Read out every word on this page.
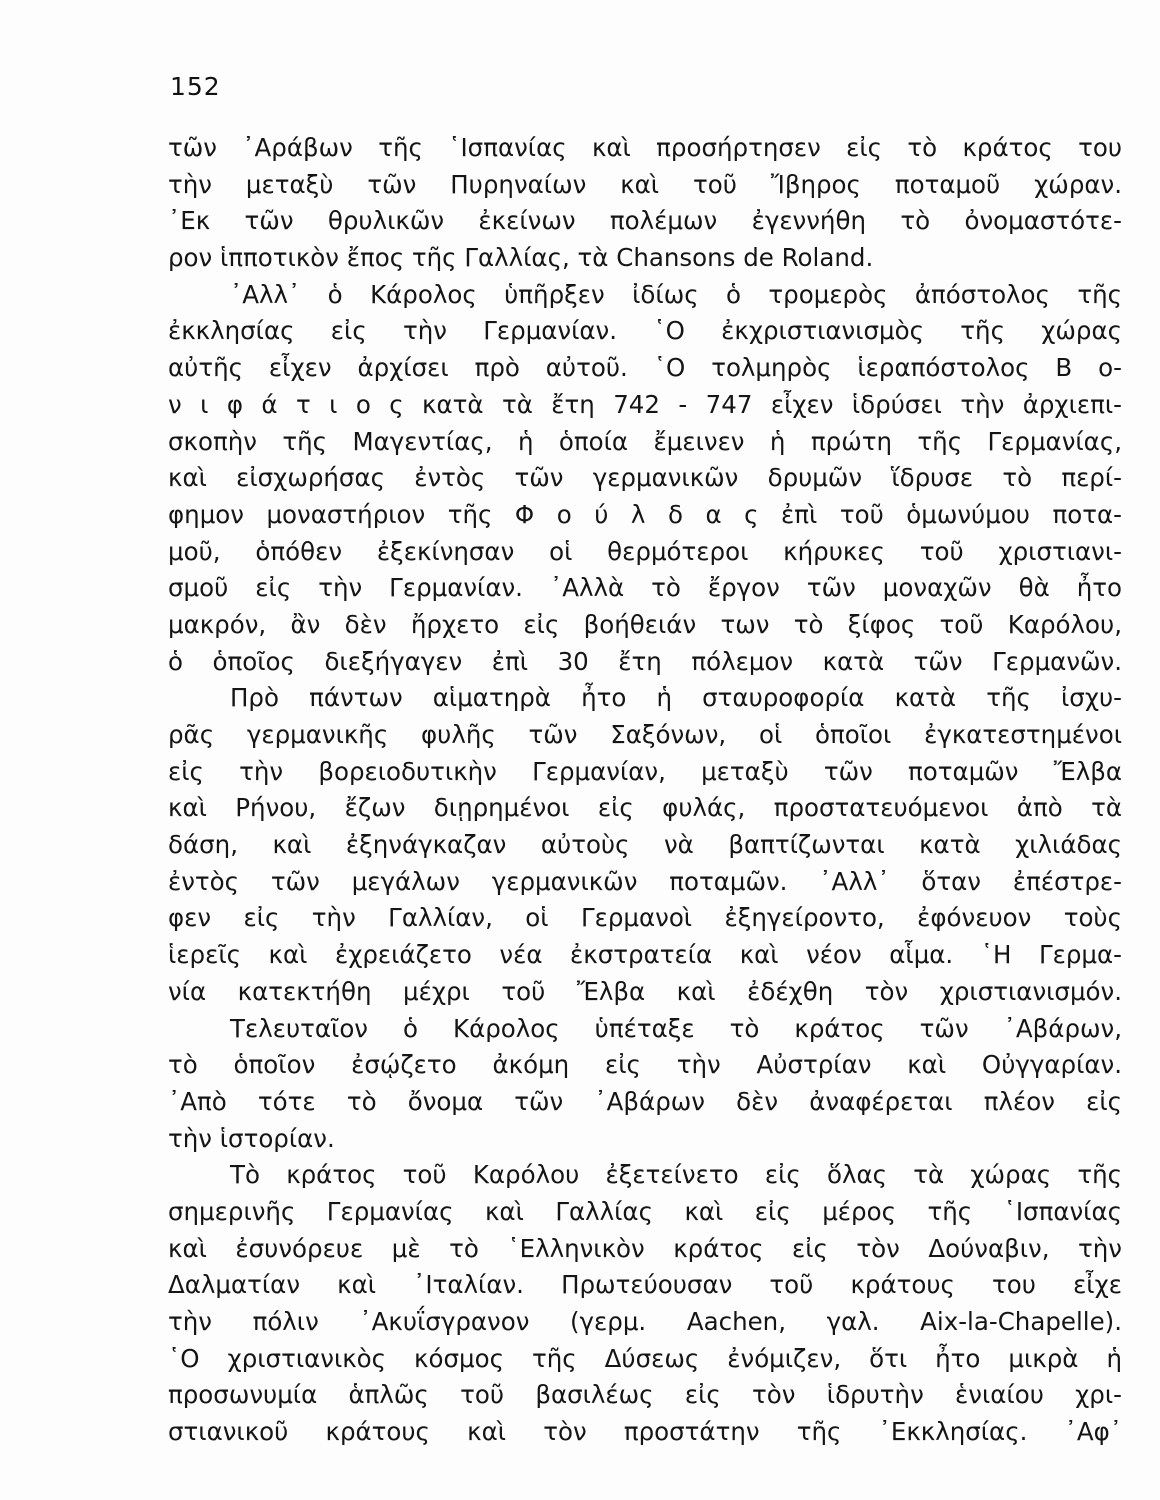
152
τῶν ᾿Αράβων τῆς ῾Ισπανίας καὶ προσήρτησεν εἰς τὸ κράτος του
τὴν μεταξὺ τῶν Πυρηναίων καὶ τοῦ Ἴβηρος ποταμοῦ χώραν.
᾿Εκ τῶν θρυλικῶν ἐκείνων πολέμων ἐγεννήθη τὸ ὀνομαστότε-
ρον ἱπποτικὸν ἔπος τῆς Γαλλίας, τὰ Chansons de Roland.
᾿Αλλ᾿ ὁ Κάρολος ὑπῆρξεν ἰδίως ὁ τρομερὸς ἀπόστολος τῆς
ἐκκλησίας εἰς τὴν Γερμανίαν. ῾Ο ἐκχριστιανισμὸς τῆς χώρας
αὐτῆς εἶχεν ἀρχίσει πρὸ αὐτοῦ. ῾Ο τολμηρὸς ἱεραπόστολος Β ο-
ν ι φ ά τ ι ο ς κατὰ τὰ ἔτη 742 - 747 εἶχεν ἱδρύσει τὴν ἀρχιεπι-
σκοπὴν τῆς Μαγεντίας, ἡ ὁποία ἔμεινεν ἡ πρώτη τῆς Γερμανίας,
καὶ εἰσχωρήσας ἐντὸς τῶν γερμανικῶν δρυμῶν ἵδρυσε τὸ περί-
φημον μοναστήριον τῆς Φ ο ύ λ δ α ς ἐπὶ τοῦ ὁμωνύμου ποτα-
μοῦ, ὁπόθεν ἐξεκίνησαν οἱ θερμότεροι κήρυκες τοῦ χριστιανι-
σμοῦ εἰς τὴν Γερμανίαν. ᾿Αλλὰ τὸ ἔργον τῶν μοναχῶν θὰ ἦτο
μακρόν, ἂν δὲν ἤρχετο εἰς βοήθειάν των τὸ ξίφος τοῦ Καρόλου,
ὁ ὁποῖος διεξήγαγεν ἐπὶ 30 ἔτη πόλεμον κατὰ τῶν Γερμανῶν.
Πρὸ πάντων αἱματηρὰ ἦτο ἡ σταυροφορία κατὰ τῆς ἰσχυ-
ρᾶς γερμανικῆς φυλῆς τῶν Σαξόνων, οἱ ὁποῖοι ἐγκατεστημένοι
εἰς τὴν βορειοδυτικὴν Γερμανίαν, μεταξὺ τῶν ποταμῶν Ἔλβα
καὶ Ρήνου, ἔζων διῃρημένοι εἰς φυλάς, προστατευόμενοι ἀπὸ τὰ
δάση, καὶ ἐξηνάγκαζαν αὐτοὺς νὰ βαπτίζωνται κατὰ χιλιάδας
ἐντὸς τῶν μεγάλων γερμανικῶν ποταμῶν. ᾿Αλλ᾿ ὅταν ἐπέστρε-
φεν εἰς τὴν Γαλλίαν, οἱ Γερμανοὶ ἐξηγείροντο, ἐφόνευον τοὺς
ἱερεῖς καὶ ἐχρειάζετο νέα ἐκστρατεία καὶ νέον αἷμα. ῾Η Γερμα-
νία κατεκτήθη μέχρι τοῦ Ἔλβα καὶ ἐδέχθη τὸν χριστιανισμόν.
Τελευταῖον ὁ Κάρολος ὑπέταξε τὸ κράτος τῶν ᾿Αβάρων,
τὸ ὁποῖον ἐσῴζετο ἀκόμη εἰς τὴν Αὐστρίαν καὶ Οὐγγαρίαν.
᾿Απὸ τότε τὸ ὄνομα τῶν ᾿Αβάρων δὲν ἀναφέρεται πλέον εἰς
τὴν ἱστορίαν.
Τὸ κράτος τοῦ Καρόλου ἐξετείνετο εἰς ὅλας τὰ χώρας τῆς
σημερινῆς Γερμανίας καὶ Γαλλίας καὶ εἰς μέρος τῆς ῾Ισπανίας
καὶ ἐσυνόρευε μὲ τὸ ῾Ελληνικὸν κράτος εἰς τὸν Δούναβιν, τὴν
Δαλματίαν καὶ ᾿Ιταλίαν. Πρωτεύουσαν τοῦ κράτους του εἶχε
τὴν πόλιν ᾿Ακυΐσγρανον (γερμ. Aachen, γαλ. Aix-la-Chapelle).
῾Ο χριστιανικὸς κόσμος τῆς Δύσεως ἐνόμιζεν, ὅτι ἦτο μικρὰ ἡ
προσωνυμία ἁπλῶς τοῦ βασιλέως εἰς τὸν ἱδρυτὴν ἑνιαίου χρι-
στιανικοῦ κράτους καὶ τὸν προστάτην τῆς ᾿Εκκλησίας. ᾿Αφ᾿
